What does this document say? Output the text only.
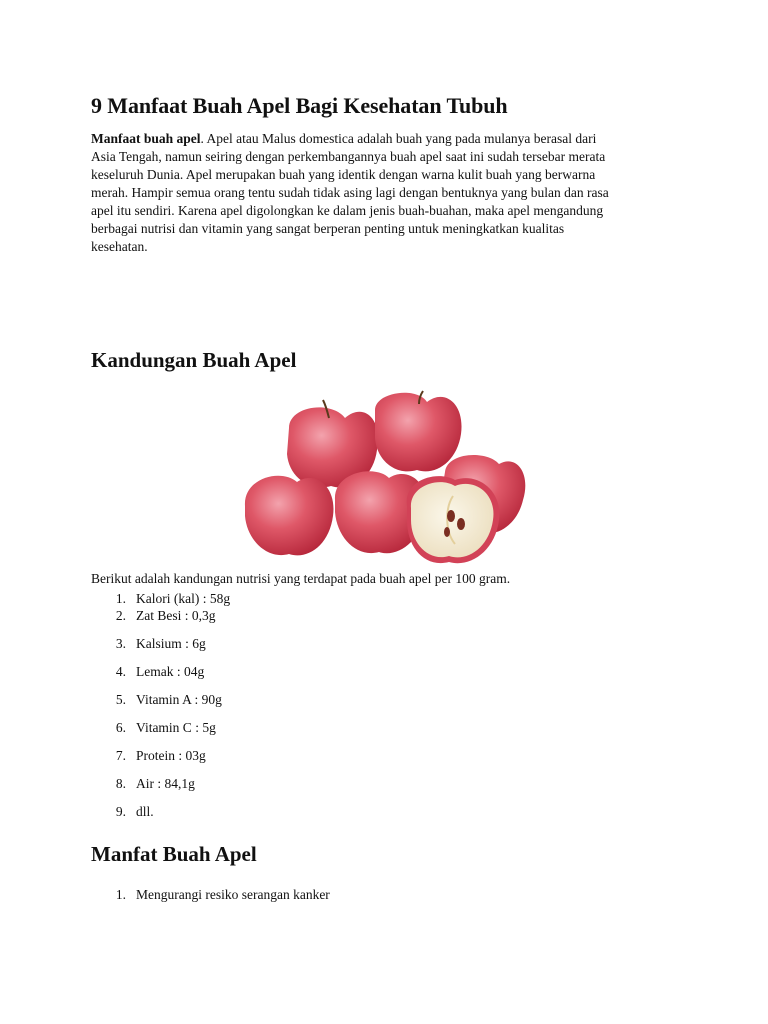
9 Manfaat Buah Apel Bagi Kesehatan Tubuh

Manfaat buah apel. Apel atau Malus domestica adalah buah yang pada mulanya berasal dari
Asia Tengah, namun seiring dengan perkembangannya buah apel saat ini sudah tersebar merata
keseluruh Dunia. Apel merupakan buah yang identik dengan warna kulit buah yang berwarna
merah. Hampir semua orang tentu sudah tidak asing lagi dengan bentuknya yang bulan dan rasa
apel itu sendiri. Karena apel digolongkan ke dalam jenis buah-buahan, maka apel mengandung
berbagai nutrisi dan vitamin yang sangat berperan penting untuk meningkatkan kualitas
kesehatan.

Kandungan Buah Apel

Berikut adalah kandungan nutrisi yang terdapat pada buah apel per 100 gram.

1. Kalori (kal) : 58g
2. Zat Besi : 0,3g
3. Kalsium : 6g
4. Lemak : 04g
5. Vitamin A : 90g
6. Vitamin C : 5g
7. Protein : 03g
8. Air : 84,1g
9. dll.
Manfat Buah Apel
1. Mengurangi resiko serangan kanker
